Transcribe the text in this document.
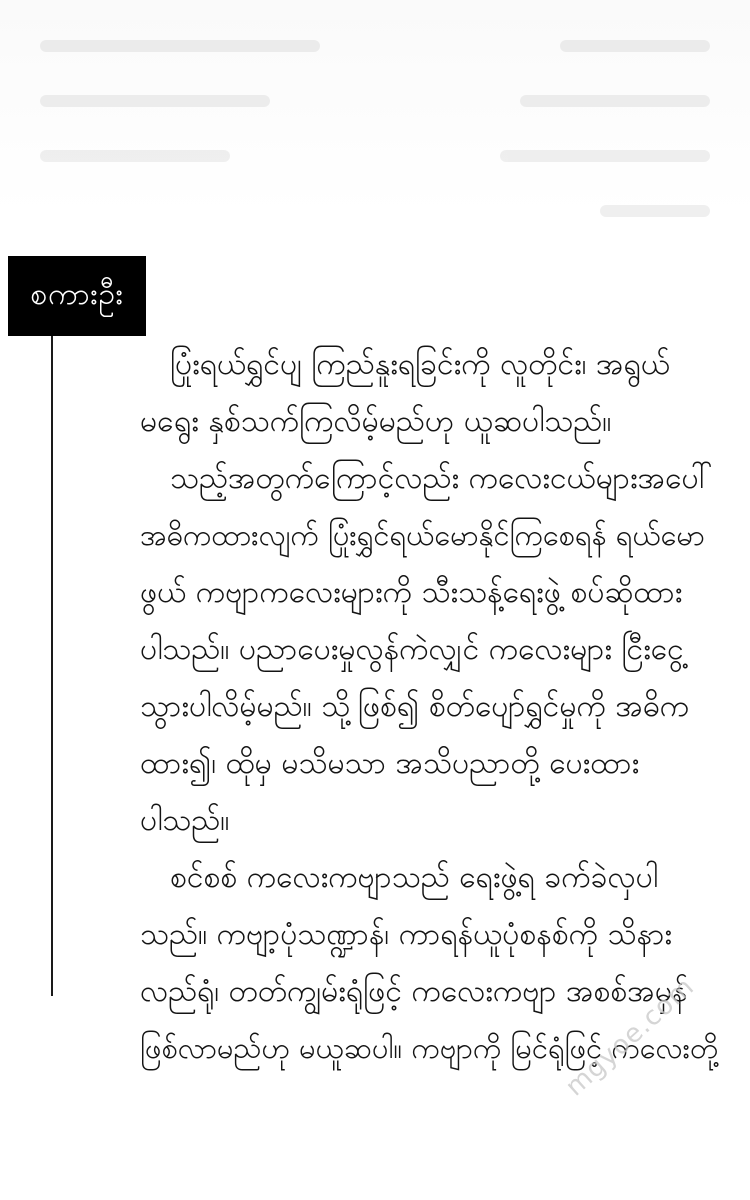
စကားဦး
ပြုံးရယ်ရွှင်ပျ ကြည်နူးရခြင်းကို လူတိုင်း၊ အရွယ်
မရွေး နှစ်သက်ကြလိမ့်မည်ဟု ယူဆပါသည်။
သည့်အတွက်ကြောင့်လည်း ကလေးငယ်များအပေါ်
အဓိကထားလျက် ပြုံးရွှင်ရယ်မောနိုင်ကြစေရန် ရယ်မော
ဖွယ် ကဗျာကလေးများကို သီးသန့်ရေးဖွဲ့ စပ်ဆိုထား
ပါသည်။ ပညာပေးမှုလွန်ကဲလျှင် ကလေးများ ငြီးငွေ့
သွားပါလိမ့်မည်။ သို့ဖြစ်၍ စိတ်ပျော်ရွှင်မှုကို အဓိက
ထား၍၊ ထိုမှ မသိမသာ အသိပညာတို့ ပေးထား
ပါသည်။
စင်စစ် ကလေးကဗျာသည် ရေးဖွဲ့ရ ခက်ခဲလှပါ
သည်။ ကဗျာ့ပုံသဏ္ဍာန်၊ ကာရန်ယူပုံစနစ်ကို သိနား
လည်ရုံ၊ တတ်ကျွမ်းရုံဖြင့် ကလေးကဗျာ အစစ်အမှန်
ဖြစ်လာမည်ဟု မယူဆပါ။ ကဗျာကို မြင်ရုံဖြင့် ကလေးတို့
mgyoe.com
